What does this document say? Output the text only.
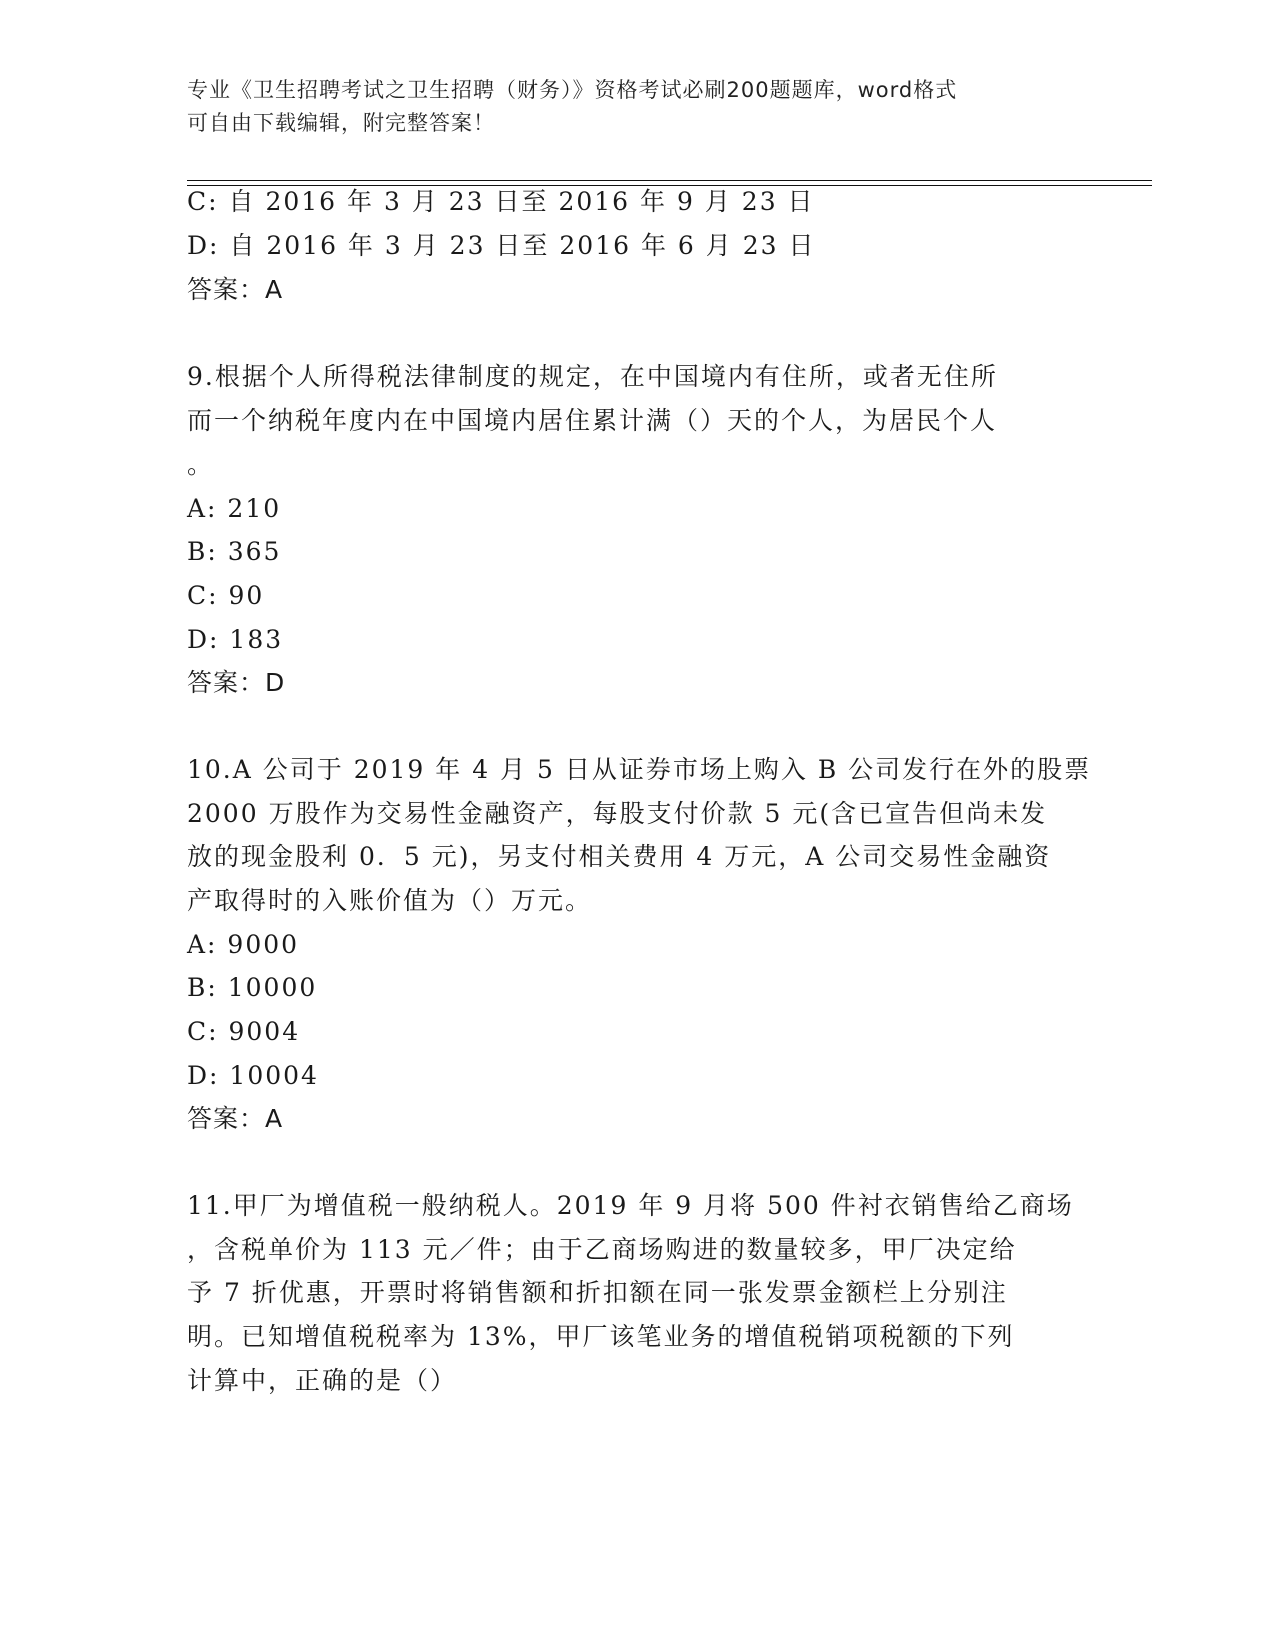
专业《卫生招聘考试之卫生招聘（财务）》资格考试必刷200题题库，word格式
可自由下载编辑，附完整答案！
C: 自 2016 年 3 月 23 日至 2016 年 9 月 23 日
D: 自 2016 年 3 月 23 日至 2016 年 6 月 23 日
答案：A
9.根据个人所得税法律制度的规定，在中国境内有住所，或者无住所
而一个纳税年度内在中国境内居住累计满（）天的个人，为居民个人
。
A: 210
B: 365
C: 90
D: 183
答案：D
10.A 公司于 2019 年 4 月 5 日从证券市场上购入 B 公司发行在外的股票
2000 万股作为交易性金融资产，每股支付价款 5 元(含已宣告但尚未发
放的现金股利 0．5 元)，另支付相关费用 4 万元，A 公司交易性金融资
产取得时的入账价值为（）万元。
A: 9000
B: 10000
C: 9004
D: 10004
答案：A
11.甲厂为增值税一般纳税人。2019 年 9 月将 500 件衬衣销售给乙商场
，含税单价为 113 元／件；由于乙商场购进的数量较多，甲厂决定给
予 7 折优惠，开票时将销售额和折扣额在同一张发票金额栏上分别注
明。已知增值税税率为 13%，甲厂该笔业务的增值税销项税额的下列
计算中，正确的是（）
